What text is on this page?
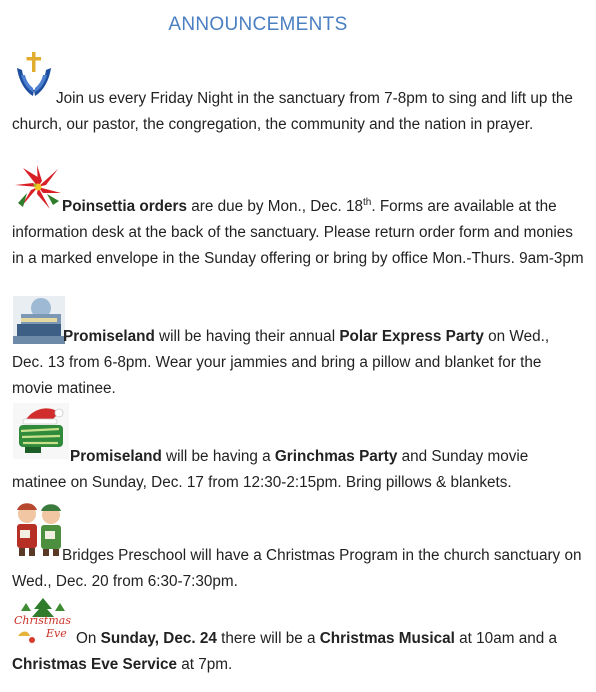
ANNOUNCEMENTS

Join us every Friday Night in the sanctuary from 7-8pm to sing and lift up the church, our pastor, the congregation, the community and the nation in prayer.

Poinsettia orders are due by Mon., Dec. 18th. Forms are available at the information desk at the back of the sanctuary. Please return order form and monies in a marked envelope in the Sunday offering or bring by office Mon.-Thurs. 9am-3pm

Promiseland will be having their annual Polar Express Party on Wed., Dec. 13 from 6-8pm. Wear your jammies and bring a pillow and blanket for the movie matinee.

Promiseland will be having a Grinchmas Party and Sunday movie matinee on Sunday, Dec. 17 from 12:30-2:15pm. Bring pillows & blankets.

Bridges Preschool will have a Christmas Program in the church sanctuary on Wed., Dec. 20 from 6:30-7:30pm.

Christmas
Eve On Sunday, Dec. 24 there will be a Christmas Musical at 10am and a Christmas Eve Service at 7pm.
